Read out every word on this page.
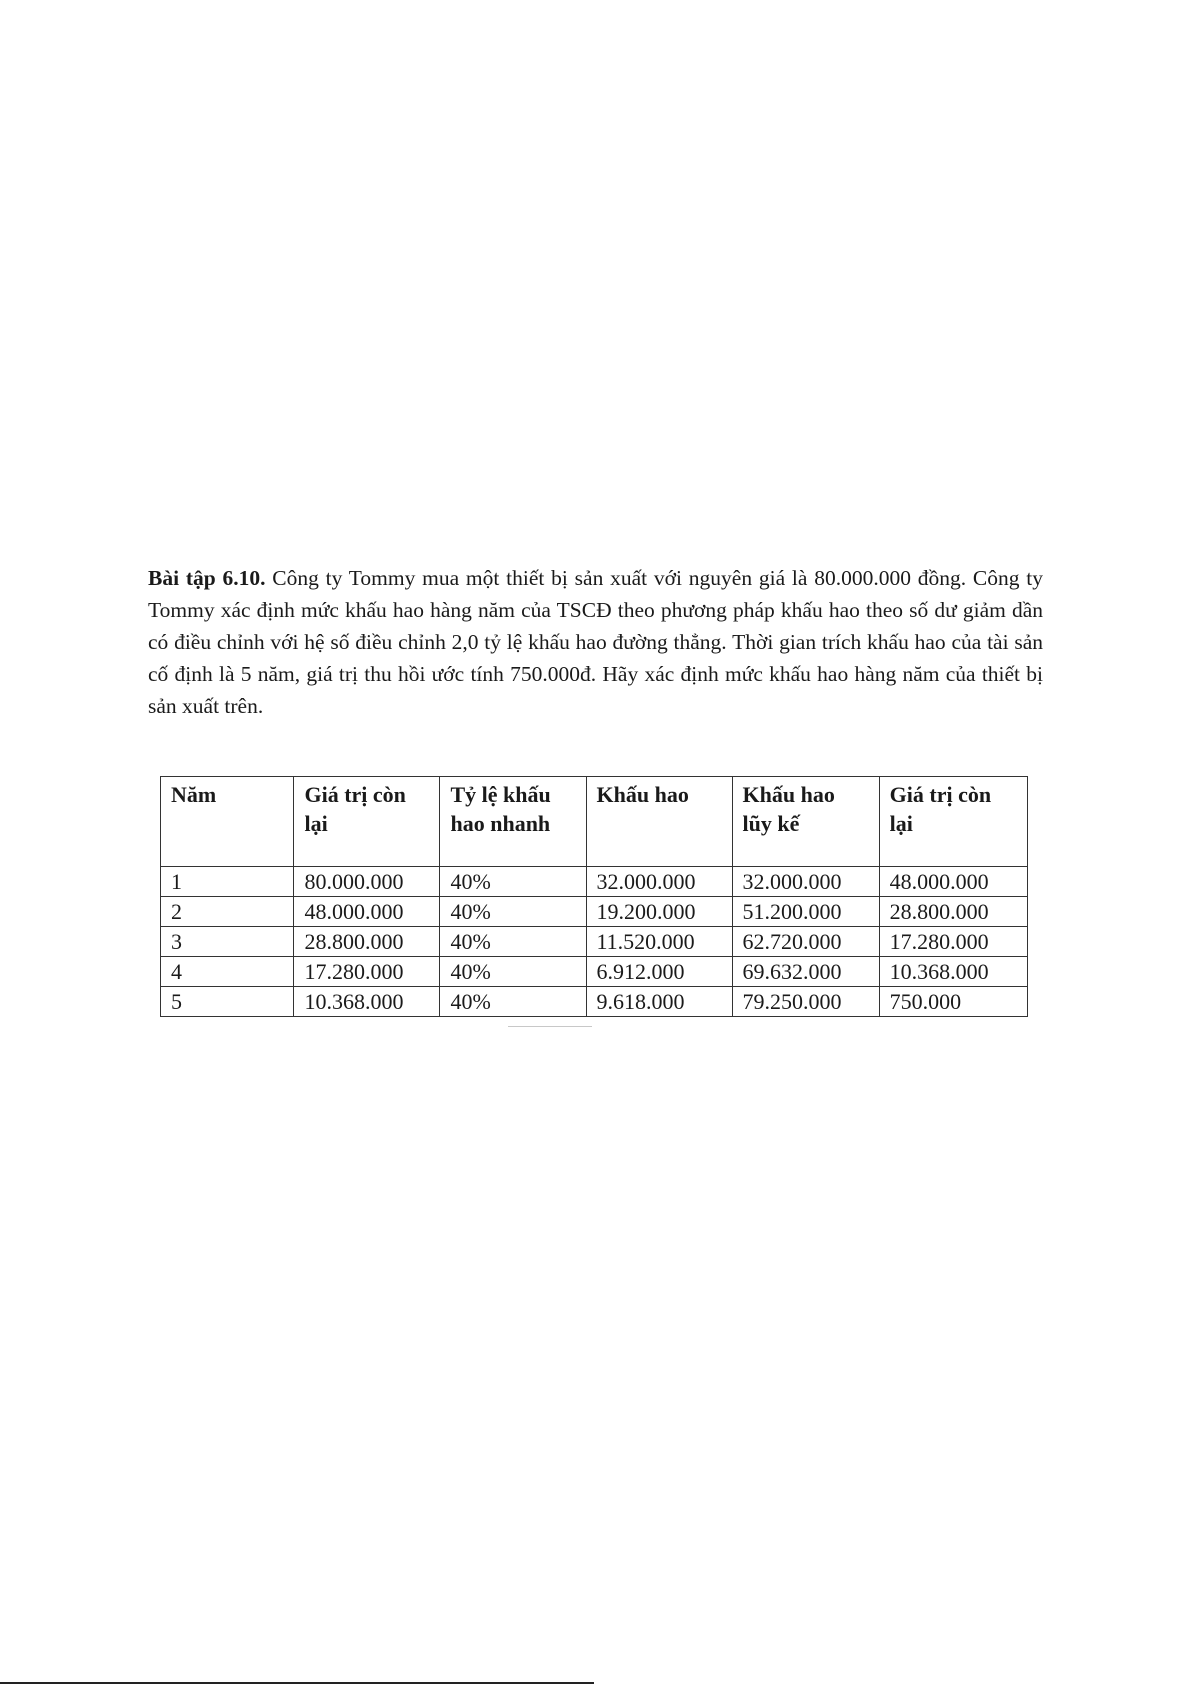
Bài tập 6.10. Công ty Tommy mua một thiết bị sản xuất với nguyên giá là 80.000.000 đồng. Công ty Tommy xác định mức khấu hao hàng năm của TSCĐ theo phương pháp khấu hao theo số dư giảm dần có điều chỉnh với hệ số điều chỉnh 2,0 tỷ lệ khấu hao đường thẳng. Thời gian trích khấu hao của tài sản cố định là 5 năm, giá trị thu hồi ước tính 750.000đ. Hãy xác định mức khấu hao hàng năm của thiết bị sản xuất trên.

Năm	Giá trị còn lại	Tỷ lệ khấu hao nhanh	Khấu hao	Khấu hao lũy kế	Giá trị còn lại
1	80.000.000	40%	32.000.000	32.000.000	48.000.000
2	48.000.000	40%	19.200.000	51.200.000	28.800.000
3	28.800.000	40%	11.520.000	62.720.000	17.280.000
4	17.280.000	40%	6.912.000	69.632.000	10.368.000
5	10.368.000	40%	9.618.000	79.250.000	750.000
